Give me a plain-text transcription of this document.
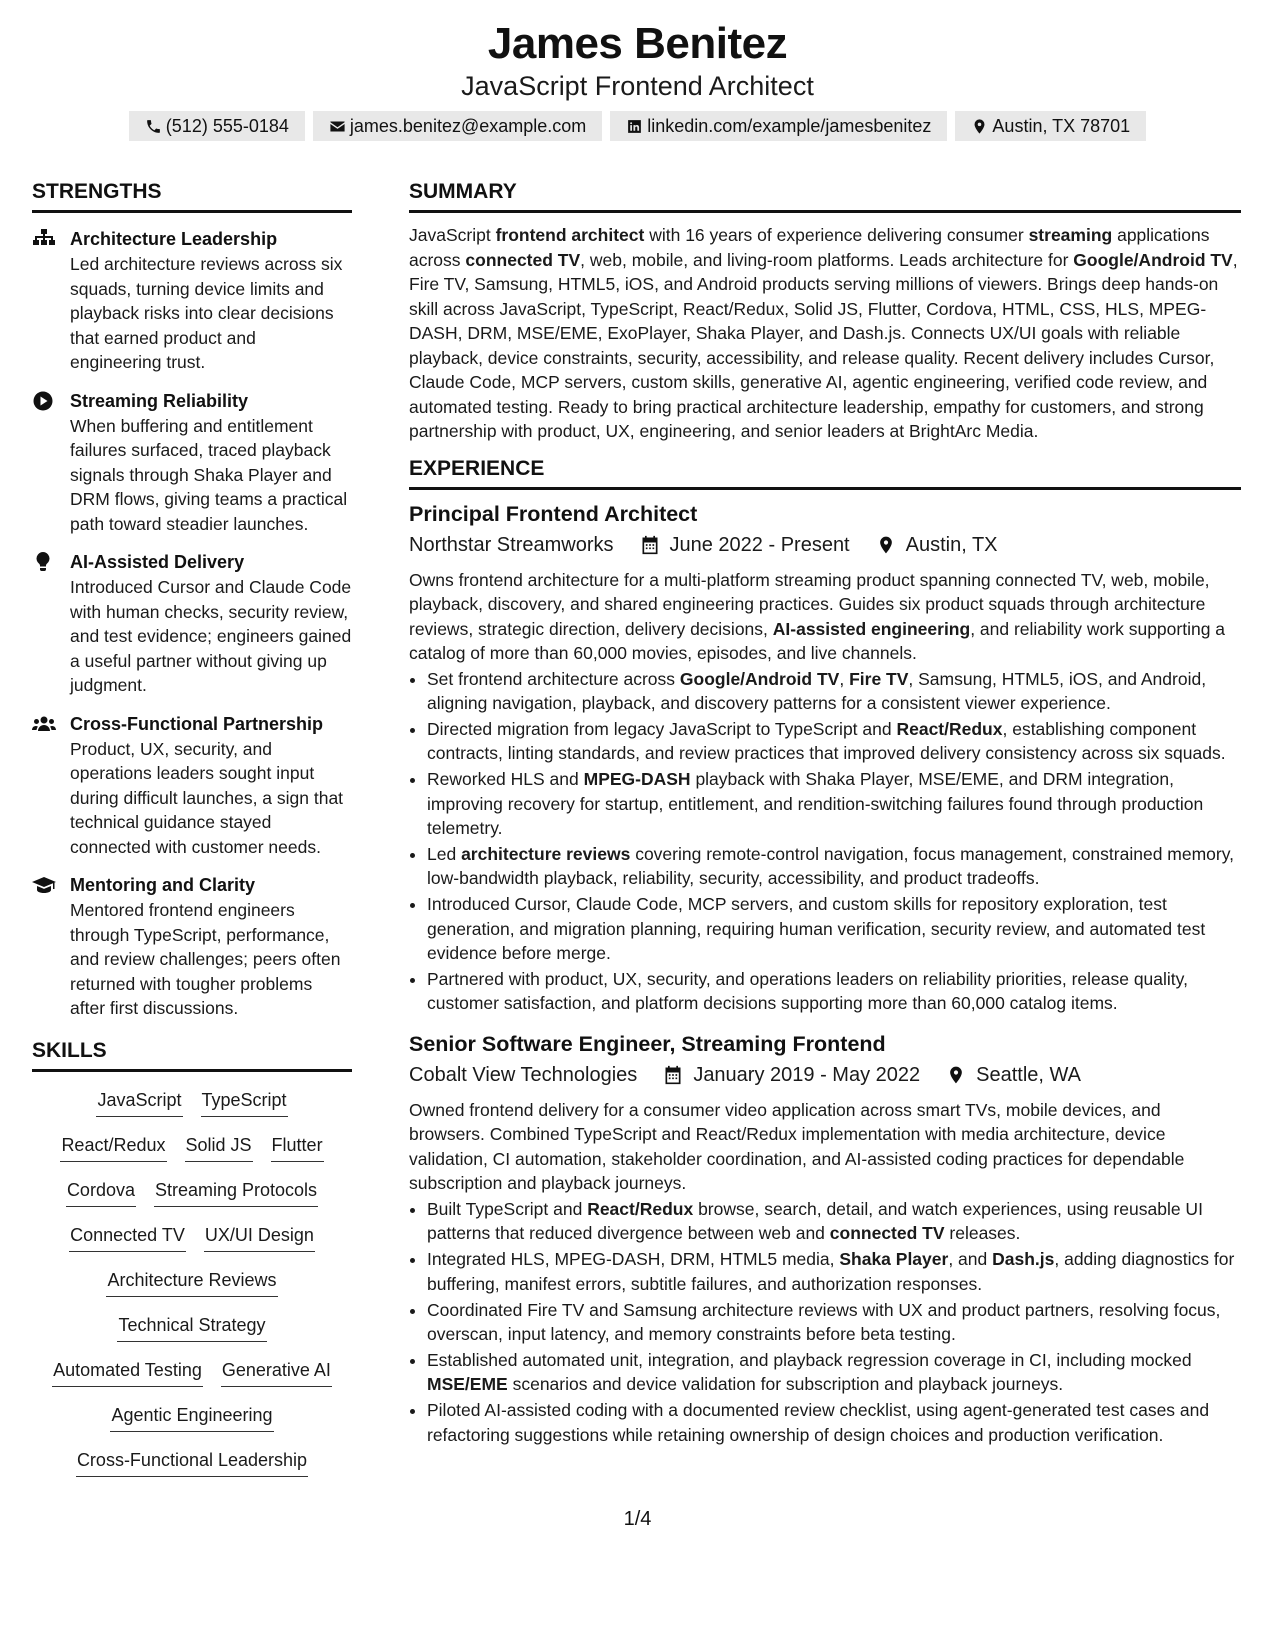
James Benitez
JavaScript Frontend Architect
(512) 555-0184	james.benitez@example.com	linkedin.com/example/jamesbenitez	Austin, TX 78701
STRENGTHS
Architecture Leadership
Led architecture reviews across six squads, turning device limits and playback risks into clear decisions that earned product and engineering trust.
Streaming Reliability
When buffering and entitlement failures surfaced, traced playback signals through Shaka Player and DRM flows, giving teams a practical path toward steadier launches.
AI-Assisted Delivery
Introduced Cursor and Claude Code with human checks, security review, and test evidence; engineers gained a useful partner without giving up judgment.
Cross-Functional Partnership
Product, UX, security, and operations leaders sought input during difficult launches, a sign that technical guidance stayed connected with customer needs.
Mentoring and Clarity
Mentored frontend engineers through TypeScript, performance, and review challenges; peers often returned with tougher problems after first discussions.
SKILLS
JavaScript TypeScript
React/Redux Solid JS Flutter
Cordova Streaming Protocols
Connected TV UX/UI Design
Architecture Reviews
Technical Strategy
Automated Testing Generative AI
Agentic Engineering
Cross-Functional Leadership
SUMMARY
JavaScript frontend architect with 16 years of experience delivering consumer streaming applications across connected TV, web, mobile, and living-room platforms. Leads architecture for Google/Android TV, Fire TV, Samsung, HTML5, iOS, and Android products serving millions of viewers. Brings deep hands-on skill across JavaScript, TypeScript, React/Redux, Solid JS, Flutter, Cordova, HTML, CSS, HLS, MPEG-DASH, DRM, MSE/EME, ExoPlayer, Shaka Player, and Dash.js. Connects UX/UI goals with reliable playback, device constraints, security, accessibility, and release quality. Recent delivery includes Cursor, Claude Code, MCP servers, custom skills, generative AI, agentic engineering, verified code review, and automated testing. Ready to bring practical architecture leadership, empathy for customers, and strong partnership with product, UX, engineering, and senior leaders at BrightArc Media.
EXPERIENCE
Principal Frontend Architect
Northstar Streamworks	June 2022 - Present	Austin, TX
Owns frontend architecture for a multi-platform streaming product spanning connected TV, web, mobile, playback, discovery, and shared engineering practices. Guides six product squads through architecture reviews, strategic direction, delivery decisions, AI-assisted engineering, and reliability work supporting a catalog of more than 60,000 movies, episodes, and live channels.
• Set frontend architecture across Google/Android TV, Fire TV, Samsung, HTML5, iOS, and Android, aligning navigation, playback, and discovery patterns for a consistent viewer experience.
• Directed migration from legacy JavaScript to TypeScript and React/Redux, establishing component contracts, linting standards, and review practices that improved delivery consistency across six squads.
• Reworked HLS and MPEG-DASH playback with Shaka Player, MSE/EME, and DRM integration, improving recovery for startup, entitlement, and rendition-switching failures found through production telemetry.
• Led architecture reviews covering remote-control navigation, focus management, constrained memory, low-bandwidth playback, reliability, security, accessibility, and product tradeoffs.
• Introduced Cursor, Claude Code, MCP servers, and custom skills for repository exploration, test generation, and migration planning, requiring human verification, security review, and automated test evidence before merge.
• Partnered with product, UX, security, and operations leaders on reliability priorities, release quality, customer satisfaction, and platform decisions supporting more than 60,000 catalog items.
Senior Software Engineer, Streaming Frontend
Cobalt View Technologies	January 2019 - May 2022	Seattle, WA
Owned frontend delivery for a consumer video application across smart TVs, mobile devices, and browsers. Combined TypeScript and React/Redux implementation with media architecture, device validation, CI automation, stakeholder coordination, and AI-assisted coding practices for dependable subscription and playback journeys.
• Built TypeScript and React/Redux browse, search, detail, and watch experiences, using reusable UI patterns that reduced divergence between web and connected TV releases.
• Integrated HLS, MPEG-DASH, DRM, HTML5 media, Shaka Player, and Dash.js, adding diagnostics for buffering, manifest errors, subtitle failures, and authorization responses.
• Coordinated Fire TV and Samsung architecture reviews with UX and product partners, resolving focus, overscan, input latency, and memory constraints before beta testing.
• Established automated unit, integration, and playback regression coverage in CI, including mocked MSE/EME scenarios and device validation for subscription and playback journeys.
• Piloted AI-assisted coding with a documented review checklist, using agent-generated test cases and refactoring suggestions while retaining ownership of design choices and production verification.
1/4
